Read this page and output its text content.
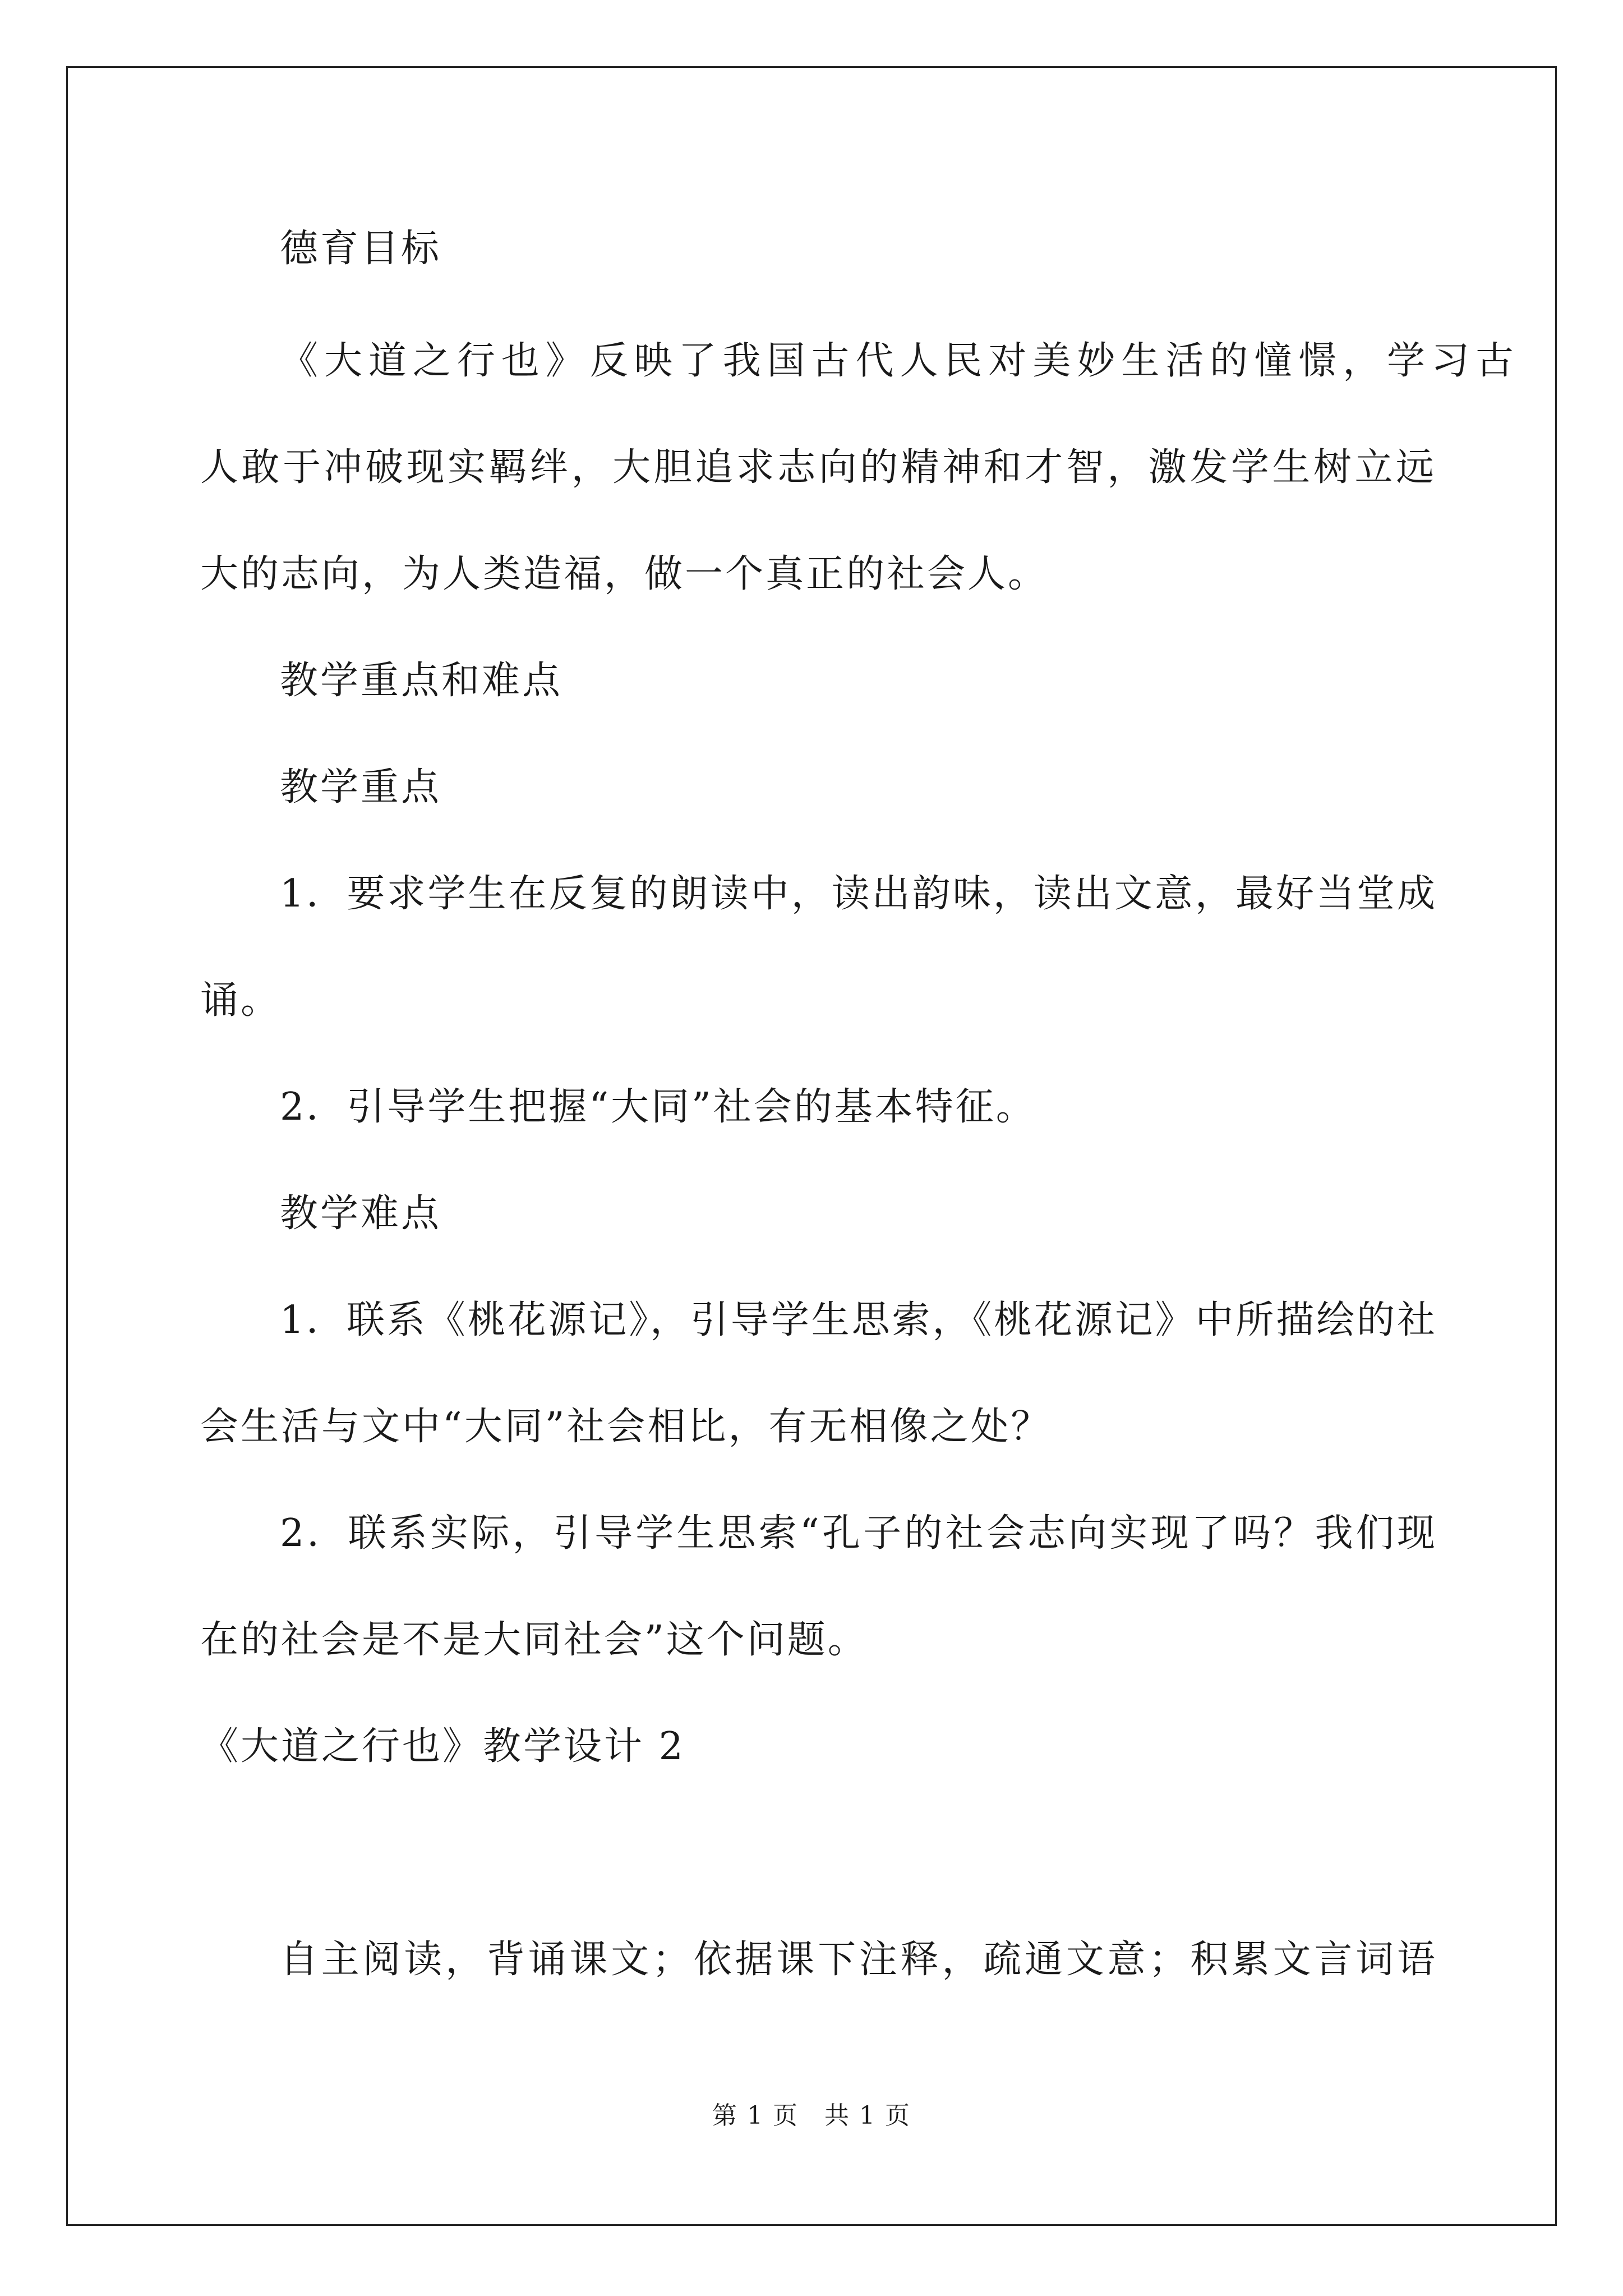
德育目标
《大道之行也》反映了我国古代人民对美妙生活的憧憬，学习古
人敢于冲破现实羁绊，大胆追求志向的精神和才智，激发学生树立远
大的志向，为人类造福，做一个真正的社会人。
教学重点和难点
教学重点
1．要求学生在反复的朗读中，读出韵味，读出文意，最好当堂成
诵。
2．引导学生把握“大同”社会的基本特征。
教学难点
1．联系《桃花源记》，引导学生思索，《桃花源记》中所描绘的社
会生活与文中“大同”社会相比，有无相像之处？
2．联系实际，引导学生思索“孔子的社会志向实现了吗？我们现
在的社会是不是大同社会”这个问题。
《大道之行也》教学设计 2
自主阅读，背诵课文；依据课下注释，疏通文意；积累文言词语
第 1 页　共 1 页
